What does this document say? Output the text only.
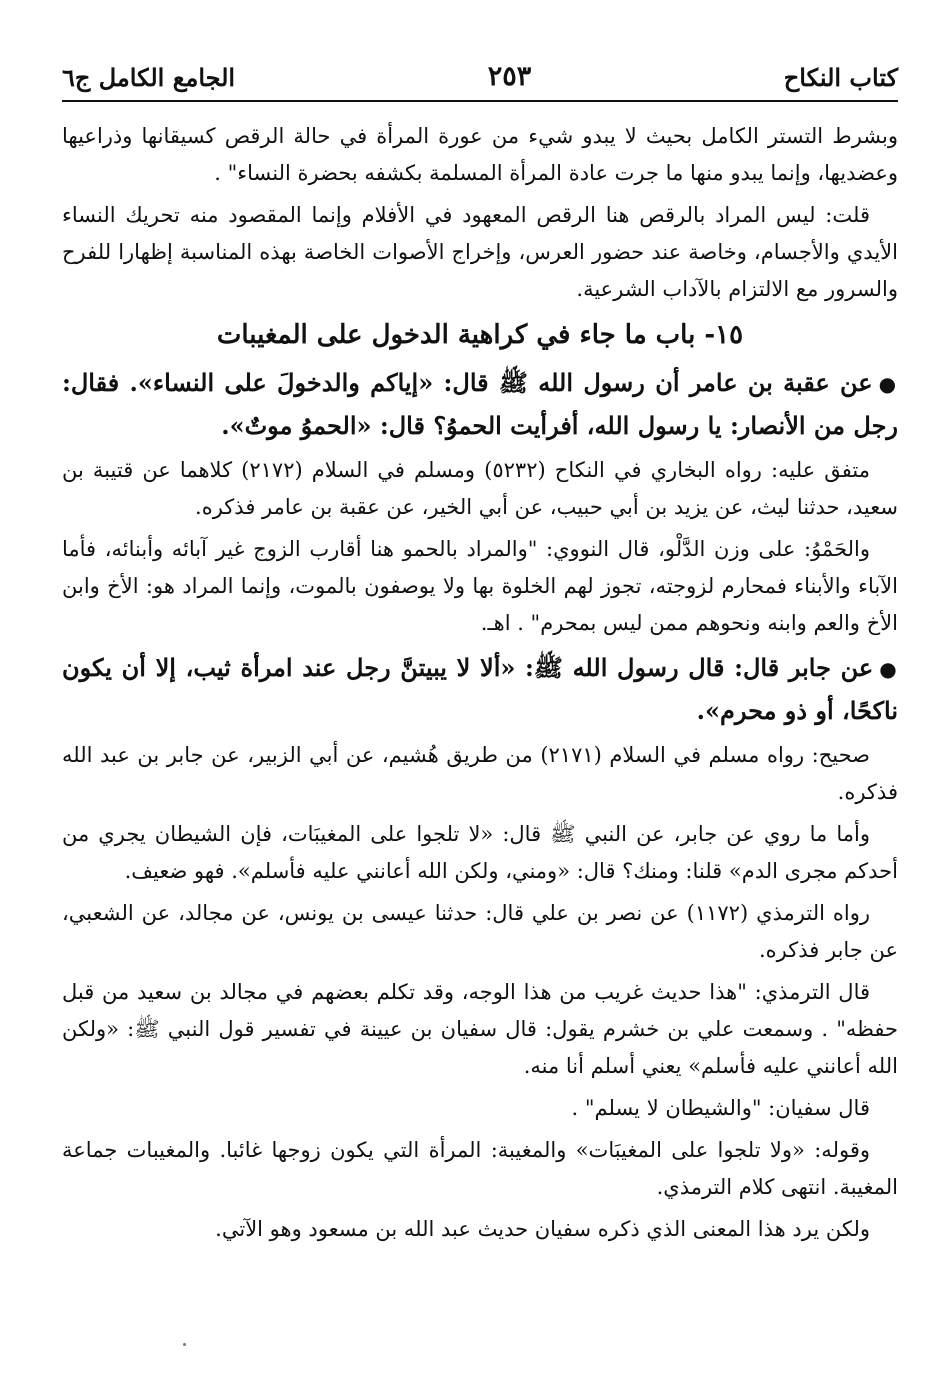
كتاب النكاح
٢٥٣
الجامع الكامل ج٦

وبشرط التستر الكامل بحيث لا يبدو شيء من عورة المرأة في حالة الرقص كسيقانها وذراعيها وعضديها، وإنما يبدو منها ما جرت عادة المرأة المسلمة بكشفه بحضرة النساء" .

قلت: ليس المراد بالرقص هنا الرقص المعهود في الأفلام وإنما المقصود منه تحريك النساء الأيدي والأجسام، وخاصة عند حضور العرس، وإخراج الأصوات الخاصة بهذه المناسبة إظهارا للفرح والسرور مع الالتزام بالآداب الشرعية.

١٥- باب ما جاء في كراهية الدخول على المغيبات

●عن عقبة بن عامر أن رسول الله ﷺ قال: «إياكم والدخولَ على النساء». فقال: رجل من الأنصار: يا رسول الله، أفرأيت الحموُ؟ قال: «الحموُ موتٌ».

متفق عليه: رواه البخاري في النكاح (٥٢٣٢) ومسلم في السلام (٢١٧٢) كلاهما عن قتيبة بن سعيد، حدثنا ليث، عن يزيد بن أبي حبيب، عن أبي الخير، عن عقبة بن عامر فذكره.

والحَمْوُ: على وزن الدَّلْو، قال النووي: "والمراد بالحمو هنا أقارب الزوج غير آبائه وأبنائه، فأما الآباء والأبناء فمحارم لزوجته، تجوز لهم الخلوة بها ولا يوصفون بالموت، وإنما المراد هو: الأخ وابن الأخ والعم وابنه ونحوهم ممن ليس بمحرم" . اهـ.

●عن جابر قال: قال رسول الله ﷺ: «ألا لا يبيتنَّ رجل عند امرأة ثيب، إلا أن يكون ناكحًا، أو ذو محرم».

صحيح: رواه مسلم في السلام (٢١٧١) من طريق هُشيم، عن أبي الزبير، عن جابر بن عبد الله فذكره.

وأما ما روي عن جابر، عن النبي ﷺ قال: «لا تلجوا على المغيبَات، فإن الشيطان يجري من أحدكم مجرى الدم» قلنا: ومنك؟ قال: «ومني، ولكن الله أعانني عليه فأسلم». فهو ضعيف.

رواه الترمذي (١١٧٢) عن نصر بن علي قال: حدثنا عيسى بن يونس، عن مجالد، عن الشعبي، عن جابر فذكره.

قال الترمذي: "هذا حديث غريب من هذا الوجه، وقد تكلم بعضهم في مجالد بن سعيد من قبل حفظه" . وسمعت علي بن خشرم يقول: قال سفيان بن عيينة في تفسير قول النبي ﷺ: «ولكن الله أعانني عليه فأسلم» يعني أسلم أنا منه.

قال سفيان: "والشيطان لا يسلم" .

وقوله: «ولا تلجوا على المغيبَات» والمغيبة: المرأة التي يكون زوجها غائبا. والمغيبات جماعة المغيبة. انتهى كلام الترمذي.

ولكن يرد هذا المعنى الذي ذكره سفيان حديث عبد الله بن مسعود وهو الآتي.
